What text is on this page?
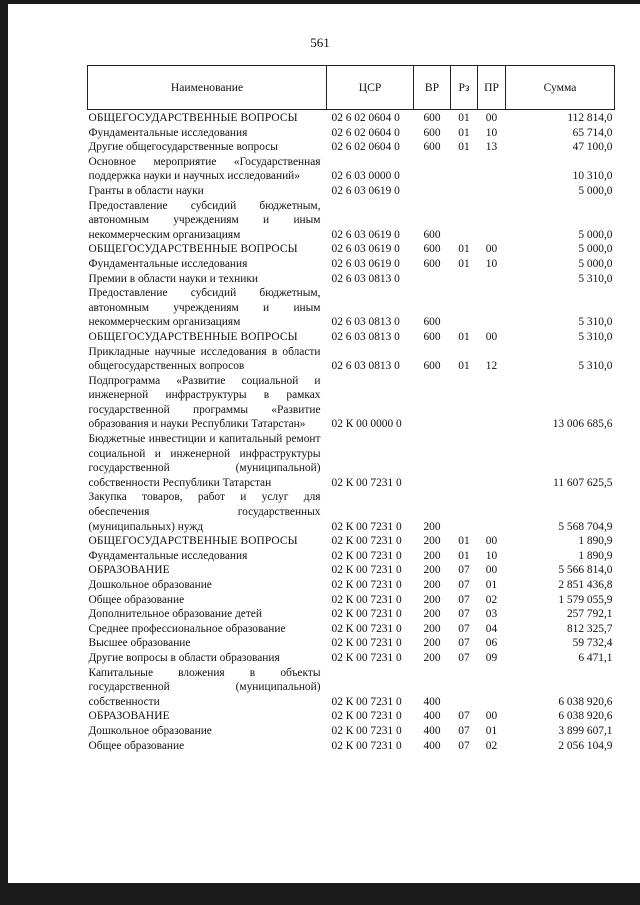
561
Наименование	ЦСР	ВР	Рз	ПР	Сумма
ОБЩЕГОСУДАРСТВЕННЫЕ ВОПРОСЫ	02 6 02 0604 0	600	01	00	112 814,0
Фундаментальные исследования	02 6 02 0604 0	600	01	10	65 714,0
Другие общегосударственные вопросы	02 6 02 0604 0	600	01	13	47 100,0
Основное мероприятие «Государственная поддержка науки и научных исследований»	02 6 03 0000 0				10 310,0
Гранты в области науки	02 6 03 0619 0				5 000,0
Предоставление субсидий бюджетным, автономным учреждениям и иным некоммерческим организациям	02 6 03 0619 0	600			5 000,0
ОБЩЕГОСУДАРСТВЕННЫЕ ВОПРОСЫ	02 6 03 0619 0	600	01	00	5 000,0
Фундаментальные исследования	02 6 03 0619 0	600	01	10	5 000,0
Премии в области науки и техники	02 6 03 0813 0				5 310,0
Предоставление субсидий бюджетным, автономным учреждениям и иным некоммерческим организациям	02 6 03 0813 0	600			5 310,0
ОБЩЕГОСУДАРСТВЕННЫЕ ВОПРОСЫ	02 6 03 0813 0	600	01	00	5 310,0
Прикладные научные исследования в области общегосударственных вопросов	02 6 03 0813 0	600	01	12	5 310,0
Подпрограмма «Развитие социальной и инженерной инфраструктуры в рамках государственной программы «Развитие образования и науки Республики Татарстан»	02 К 00 0000 0				13 006 685,6
Бюджетные инвестиции и капитальный ремонт социальной и инженерной инфраструктуры государственной (муниципальной) собственности Республики Татарстан	02 К 00 7231 0				11 607 625,5
Закупка товаров, работ и услуг для обеспечения государственных (муниципальных) нужд	02 К 00 7231 0	200			5 568 704,9
ОБЩЕГОСУДАРСТВЕННЫЕ ВОПРОСЫ	02 К 00 7231 0	200	01	00	1 890,9
Фундаментальные исследования	02 К 00 7231 0	200	01	10	1 890,9
ОБРАЗОВАНИЕ	02 К 00 7231 0	200	07	00	5 566 814,0
Дошкольное образование	02 К 00 7231 0	200	07	01	2 851 436,8
Общее образование	02 К 00 7231 0	200	07	02	1 579 055,9
Дополнительное образование детей	02 К 00 7231 0	200	07	03	257 792,1
Среднее профессиональное образование	02 К 00 7231 0	200	07	04	812 325,7
Высшее образование	02 К 00 7231 0	200	07	06	59 732,4
Другие вопросы в области образования	02 К 00 7231 0	200	07	09	6 471,1
Капитальные вложения в объекты государственной (муниципальной) собственности	02 К 00 7231 0	400			6 038 920,6
ОБРАЗОВАНИЕ	02 К 00 7231 0	400	07	00	6 038 920,6
Дошкольное образование	02 К 00 7231 0	400	07	01	3 899 607,1
Общее образование	02 К 00 7231 0	400	07	02	2 056 104,9
